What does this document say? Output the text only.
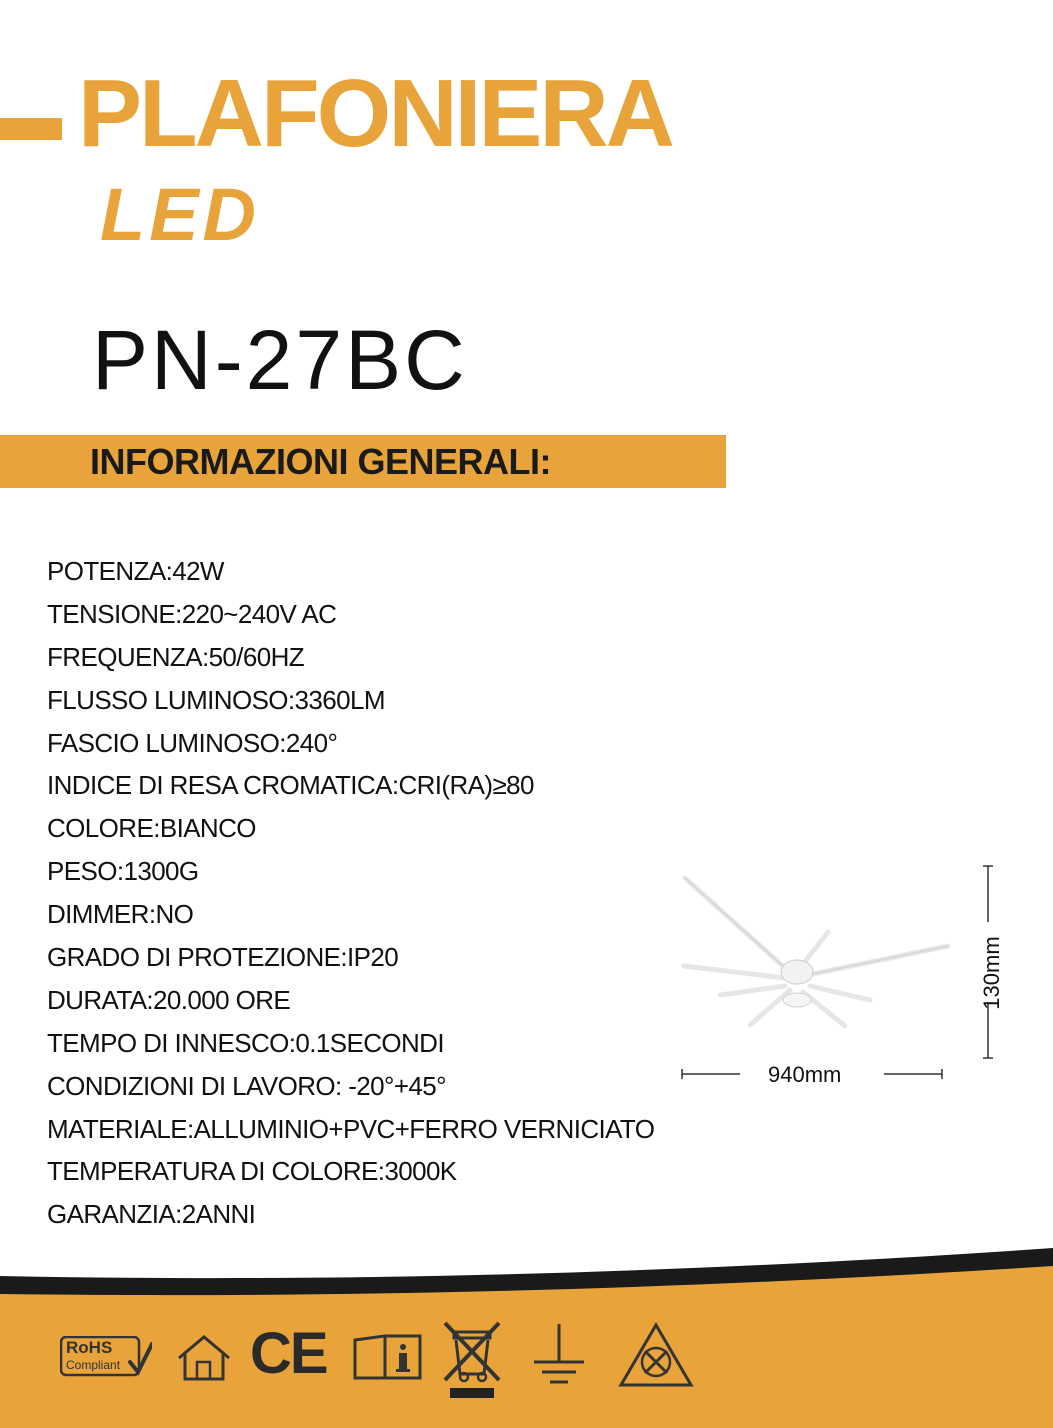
PLAFONIERA
LED
PN-27BC
INFORMAZIONI GENERALI:
POTENZA:42W
TENSIONE:220~240V AC
FREQUENZA:50/60HZ
FLUSSO LUMINOSO:3360LM
FASCIO LUMINOSO:240°
INDICE DI RESA CROMATICA:CRI(RA)≥80
COLORE:BIANCO
PESO:1300G
DIMMER:NO
GRADO DI PROTEZIONE:IP20
DURATA:20.000 ORE
TEMPO DI INNESCO:0.1SECONDI
CONDIZIONI DI LAVORO: -20°+45°
MATERIALE:ALLUMINIO+PVC+FERRO VERNICIATO
TEMPERATURA DI COLORE:3000K
GARANZIA:2ANNI
940mm
130mm
RoHS
Compliant CE
